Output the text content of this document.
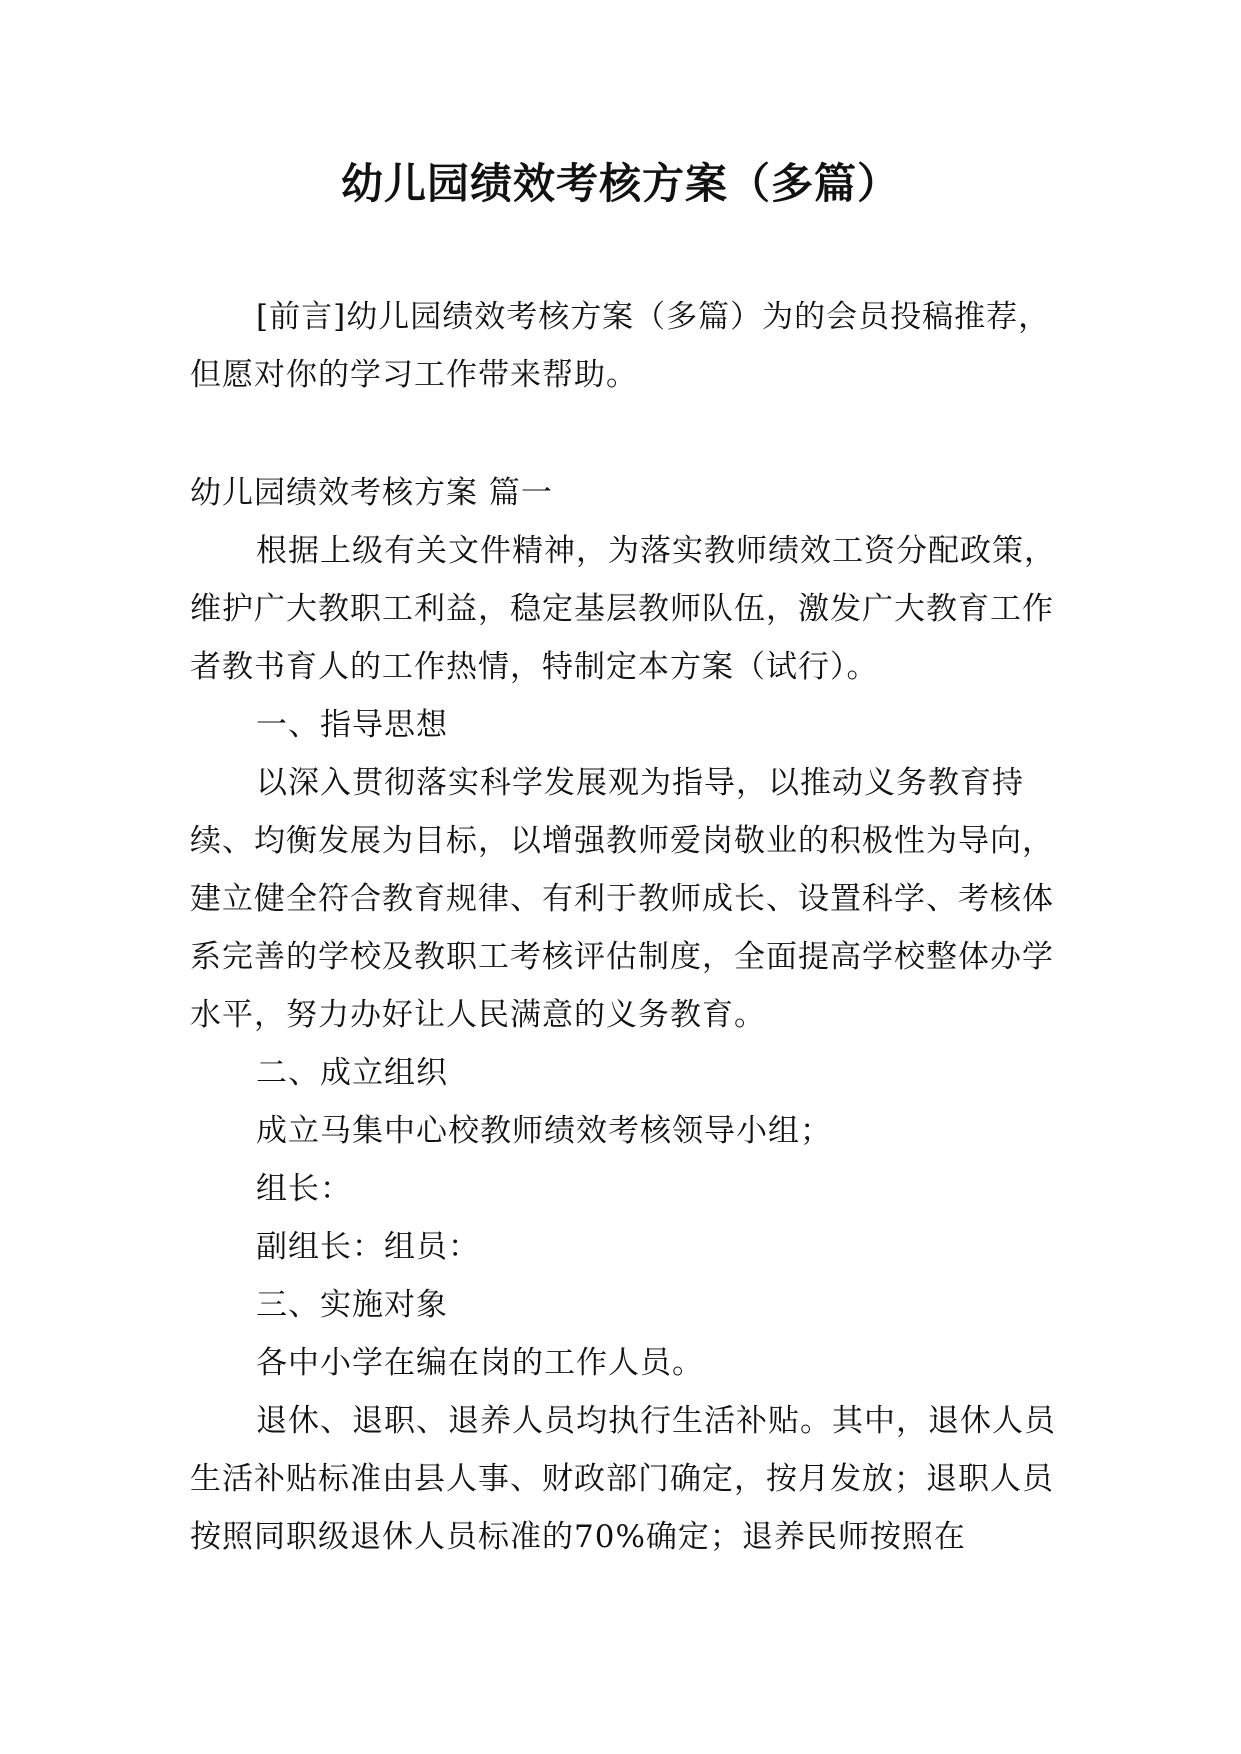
幼儿园绩效考核方案（多篇）

[前言]幼儿园绩效考核方案（多篇）为的会员投稿推荐，但愿对你的学习工作带来帮助。

幼儿园绩效考核方案 篇一

根据上级有关文件精神，为落实教师绩效工资分配政策，维护广大教职工利益，稳定基层教师队伍，激发广大教育工作者教书育人的工作热情，特制定本方案（试行）。

一、指导思想

以深入贯彻落实科学发展观为指导，以推动义务教育持续、均衡发展为目标，以增强教师爱岗敬业的积极性为导向，建立健全符合教育规律、有利于教师成长、设置科学、考核体系完善的学校及教职工考核评估制度，全面提高学校整体办学水平，努力办好让人民满意的义务教育。

二、成立组织

成立马集中心校教师绩效考核领导小组；

组长：

副组长：组员：

三、实施对象

各中小学在编在岗的工作人员。

退休、退职、退养人员均执行生活补贴。其中，退休人员生活补贴标准由县人事、财政部门确定，按月发放；退职人员按照同职级退休人员标准的70%确定；退养民师按照在
